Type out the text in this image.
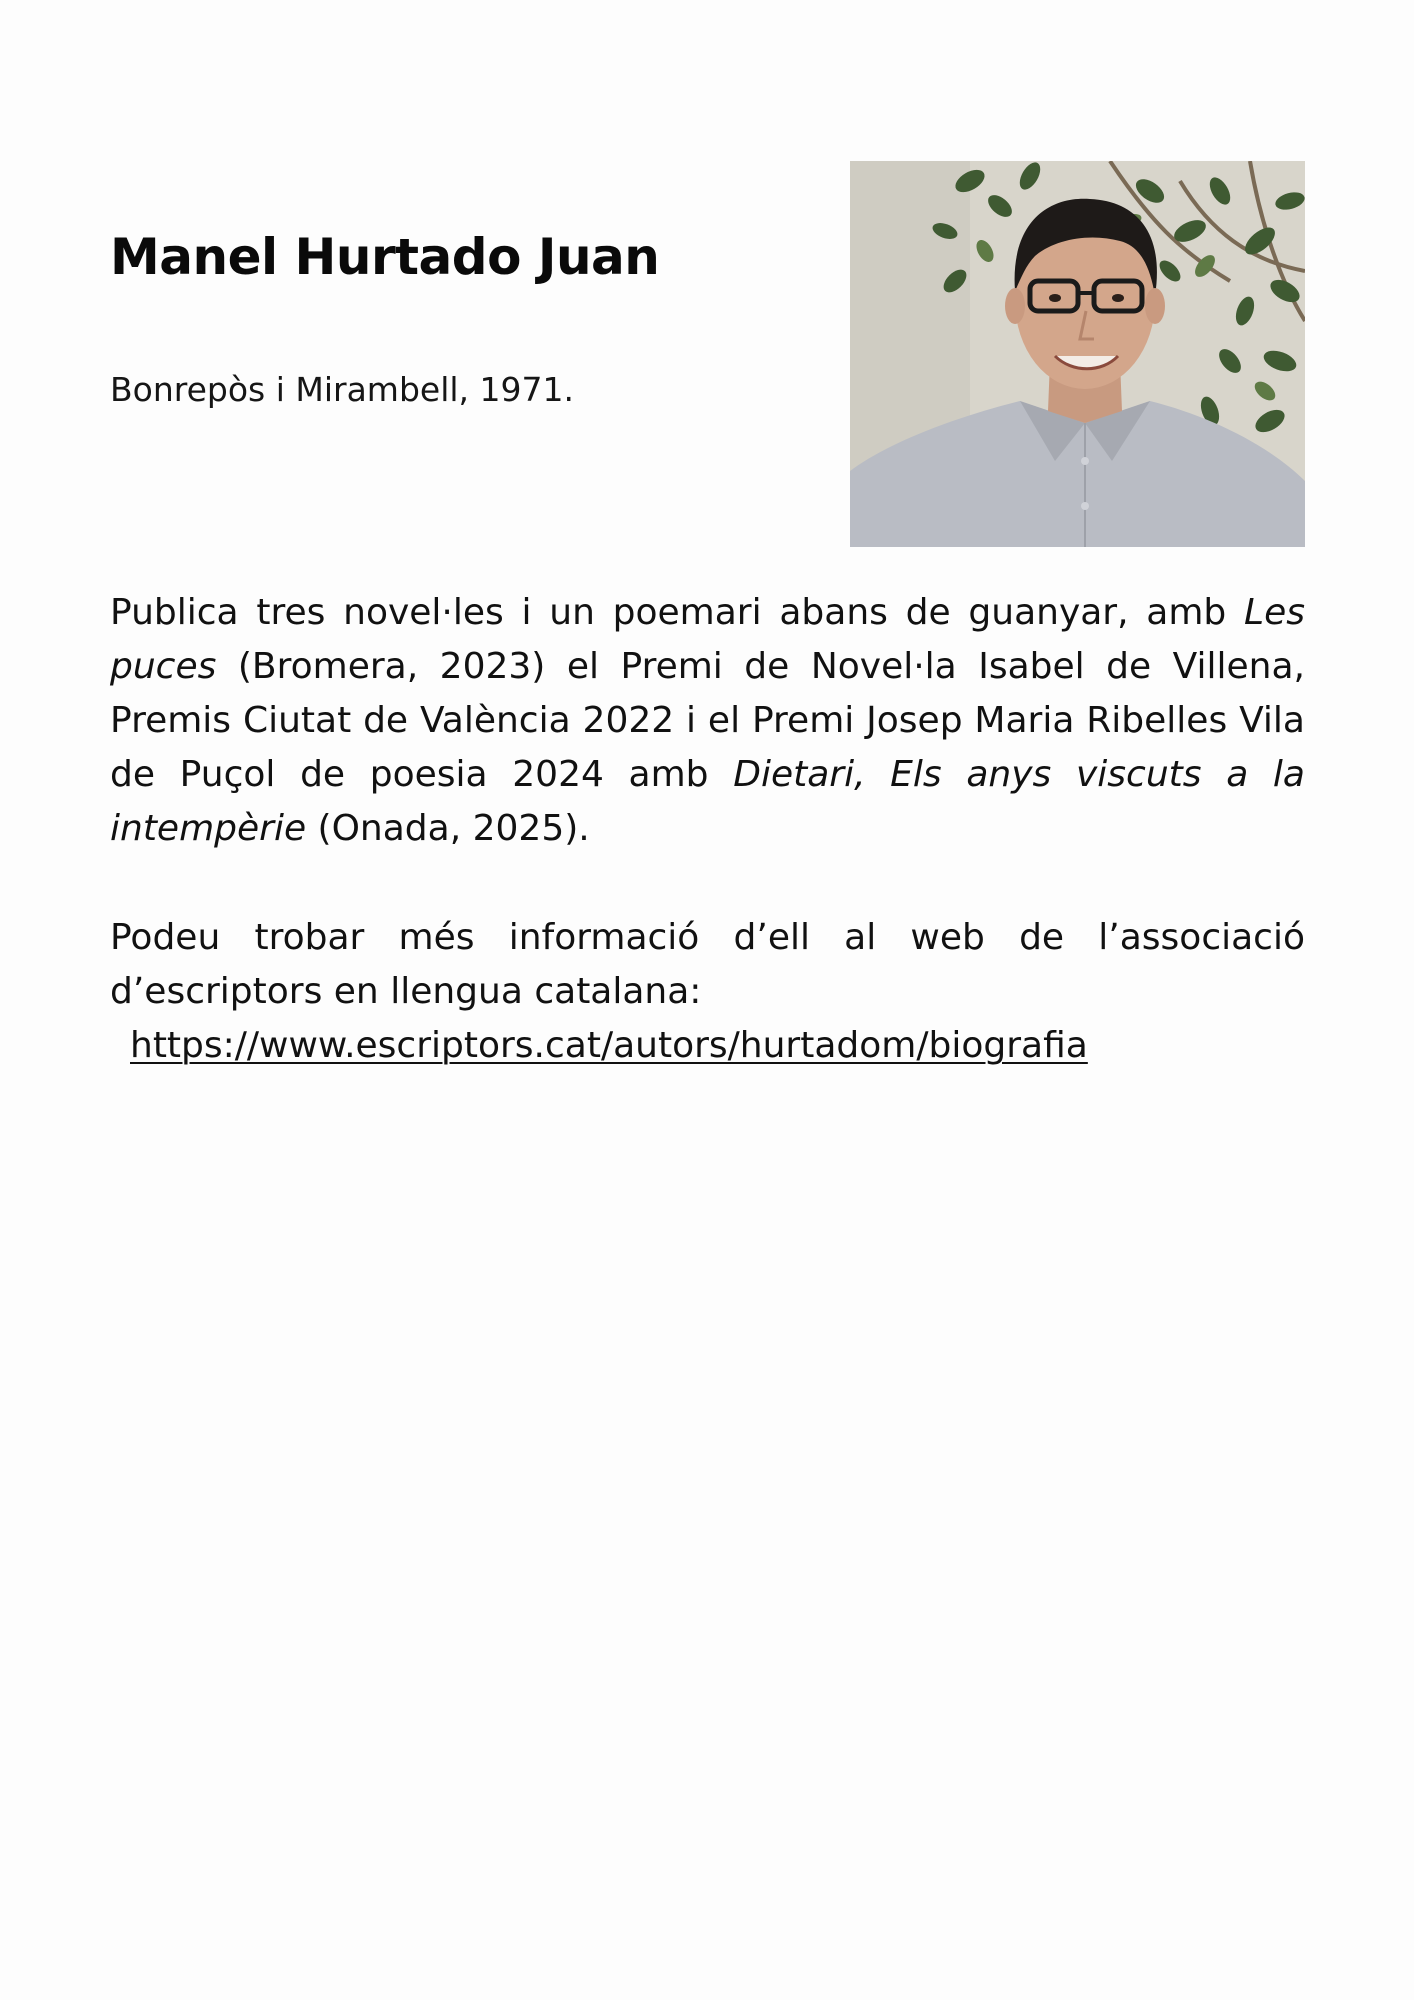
Manel Hurtado Juan

Bonrepòs i Mirambell, 1971.

Publica tres novel·les i un poemari abans de guanyar, amb Les puces (Bromera, 2023) el Premi de Novel·la Isabel de Villena, Premis Ciutat de València 2022 i el Premi Josep Maria Ribelles Vila de Puçol de poesia 2024 amb Dietari, Els anys viscuts a la intempèrie (Onada, 2025).

Podeu trobar més informació d’ell al web de l’associació
d’escriptors en llengua catalana:
https://www.escriptors.cat/autors/hurtadom/biografia
